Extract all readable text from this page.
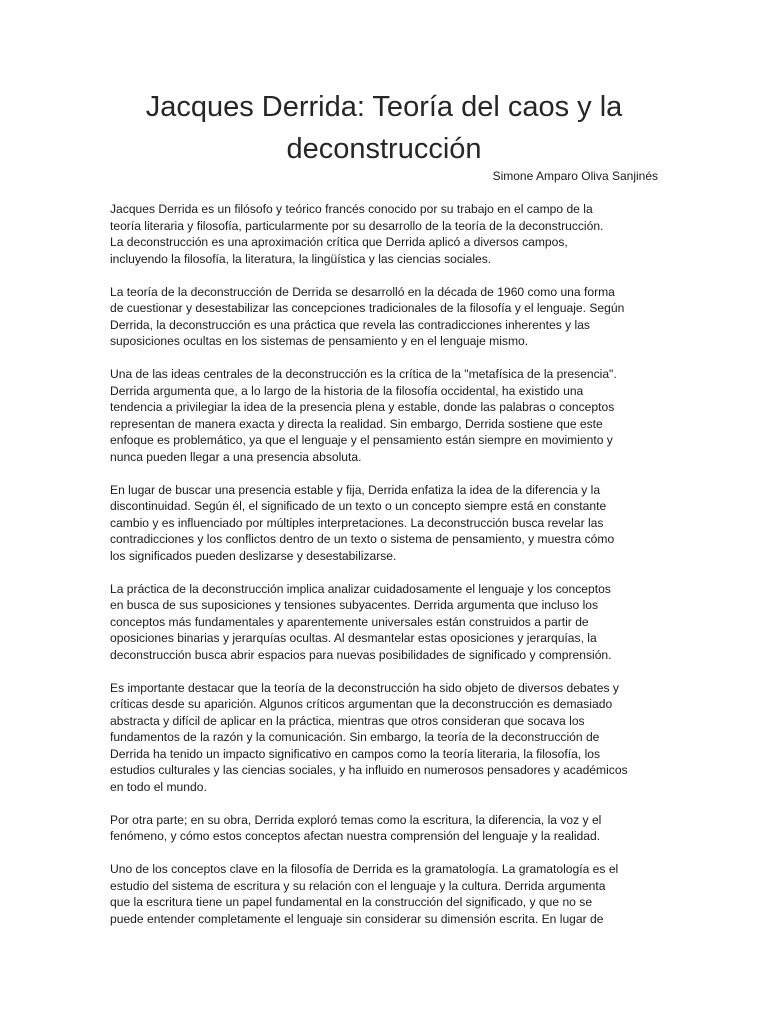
Jacques Derrida: Teoría del caos y la
deconstrucción

Simone Amparo Oliva Sanjinés

Jacques Derrida es un filósofo y teórico francés conocido por su trabajo en el campo de la
teoría literaria y filosofía, particularmente por su desarrollo de la teoría de la deconstrucción.
La deconstrucción es una aproximación crítica que Derrida aplicó a diversos campos,
incluyendo la filosofía, la literatura, la lingüística y las ciencias sociales.

La teoría de la deconstrucción de Derrida se desarrolló en la década de 1960 como una forma
de cuestionar y desestabilizar las concepciones tradicionales de la filosofía y el lenguaje. Según
Derrida, la deconstrucción es una práctica que revela las contradicciones inherentes y las
suposiciones ocultas en los sistemas de pensamiento y en el lenguaje mismo.

Una de las ideas centrales de la deconstrucción es la crítica de la "metafísica de la presencia".
Derrida argumenta que, a lo largo de la historia de la filosofía occidental, ha existido una
tendencia a privilegiar la idea de la presencia plena y estable, donde las palabras o conceptos
representan de manera exacta y directa la realidad. Sin embargo, Derrida sostiene que este
enfoque es problemático, ya que el lenguaje y el pensamiento están siempre en movimiento y
nunca pueden llegar a una presencia absoluta.

En lugar de buscar una presencia estable y fija, Derrida enfatiza la idea de la diferencia y la
discontinuidad. Según él, el significado de un texto o un concepto siempre está en constante
cambio y es influenciado por múltiples interpretaciones. La deconstrucción busca revelar las
contradicciones y los conflictos dentro de un texto o sistema de pensamiento, y muestra cómo
los significados pueden deslizarse y desestabilizarse.

La práctica de la deconstrucción implica analizar cuidadosamente el lenguaje y los conceptos
en busca de sus suposiciones y tensiones subyacentes. Derrida argumenta que incluso los
conceptos más fundamentales y aparentemente universales están construidos a partir de
oposiciones binarias y jerarquías ocultas. Al desmantelar estas oposiciones y jerarquías, la
deconstrucción busca abrir espacios para nuevas posibilidades de significado y comprensión.

Es importante destacar que la teoría de la deconstrucción ha sido objeto de diversos debates y
críticas desde su aparición. Algunos críticos argumentan que la deconstrucción es demasiado
abstracta y difícil de aplicar en la práctica, mientras que otros consideran que socava los
fundamentos de la razón y la comunicación. Sin embargo, la teoría de la deconstrucción de
Derrida ha tenido un impacto significativo en campos como la teoría literaria, la filosofía, los
estudios culturales y las ciencias sociales, y ha influido en numerosos pensadores y académicos
en todo el mundo.

Por otra parte; en su obra, Derrida exploró temas como la escritura, la diferencia, la voz y el
fenómeno, y cómo estos conceptos afectan nuestra comprensión del lenguaje y la realidad.

Uno de los conceptos clave en la filosofía de Derrida es la gramatología. La gramatología es el
estudio del sistema de escritura y su relación con el lenguaje y la cultura. Derrida argumenta
que la escritura tiene un papel fundamental en la construcción del significado, y que no se
puede entender completamente el lenguaje sin considerar su dimensión escrita. En lugar de
